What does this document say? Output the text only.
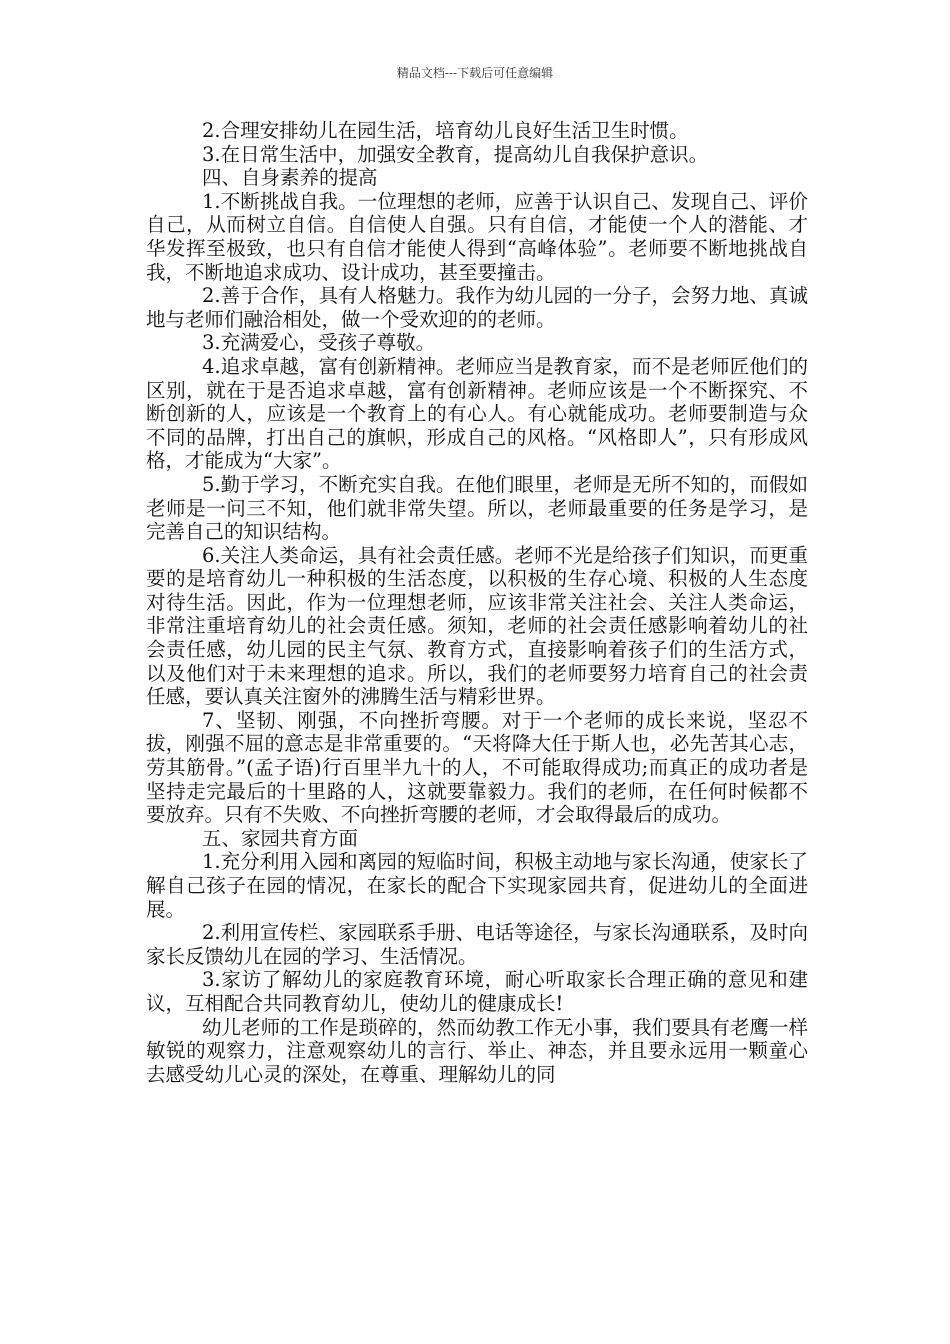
精品文档---下载后可任意编辑

2.合理安排幼儿在园生活，培育幼儿良好生活卫生时惯。

3.在日常生活中，加强安全教育，提高幼儿自我保护意识。

四、自身素养的提高

1.不断挑战自我。一位理想的老师，应善于认识自己、发现自己、评价自己，从而树立自信。自信使人自强。只有自信，才能使一个人的潜能、才华发挥至极致，也只有自信才能使人得到“高峰体验”。老师要不断地挑战自我，不断地追求成功、设计成功，甚至要撞击。

2.善于合作，具有人格魅力。我作为幼儿园的一分子，会努力地、真诚地与老师们融洽相处，做一个受欢迎的的老师。

3.充满爱心，受孩子尊敬。

4.追求卓越，富有创新精神。老师应当是教育家，而不是老师匠他们的区别，就在于是否追求卓越，富有创新精神。老师应该是一个不断探究、不断创新的人，应该是一个教育上的有心人。有心就能成功。老师要制造与众不同的品牌，打出自己的旗帜，形成自己的风格。“风格即人”，只有形成风格，才能成为“大家”。

5.勤于学习，不断充实自我。在他们眼里，老师是无所不知的，而假如老师是一问三不知，他们就非常失望。所以，老师最重要的任务是学习，是完善自己的知识结构。

6.关注人类命运，具有社会责任感。老师不光是给孩子们知识，而更重要的是培育幼儿一种积极的生活态度，以积极的生存心境、积极的人生态度对待生活。因此，作为一位理想老师，应该非常关注社会、关注人类命运，非常注重培育幼儿的社会责任感。须知，老师的社会责任感影响着幼儿的社会责任感，幼儿园的民主气氛、教育方式，直接影响着孩子们的生活方式，以及他们对于未来理想的追求。所以，我们的老师要努力培育自己的社会责任感，要认真关注窗外的沸腾生活与精彩世界。

7、坚韧、刚强，不向挫折弯腰。对于一个老师的成长来说，坚忍不拔，刚强不屈的意志是非常重要的。“天将降大任于斯人也，必先苦其心志，劳其筋骨。”(孟子语)行百里半九十的人，不可能取得成功;而真正的成功者是坚持走完最后的十里路的人，这就要靠毅力。我们的老师，在任何时候都不要放弃。只有不失败、不向挫折弯腰的老师，才会取得最后的成功。

五、家园共育方面

1.充分利用入园和离园的短临时间，积极主动地与家长沟通，使家长了解自己孩子在园的情况，在家长的配合下实现家园共育，促进幼儿的全面进展。

2.利用宣传栏、家园联系手册、电话等途径，与家长沟通联系，及时向家长反馈幼儿在园的学习、生活情况。

3.家访了解幼儿的家庭教育环境，耐心听取家长合理正确的意见和建议，互相配合共同教育幼儿，使幼儿的健康成长!

幼儿老师的工作是琐碎的，然而幼教工作无小事，我们要具有老鹰一样敏锐的观察力，注意观察幼儿的言行、举止、神态，并且要永远用一颗童心去感受幼儿心灵的深处，在尊重、理解幼儿的同
